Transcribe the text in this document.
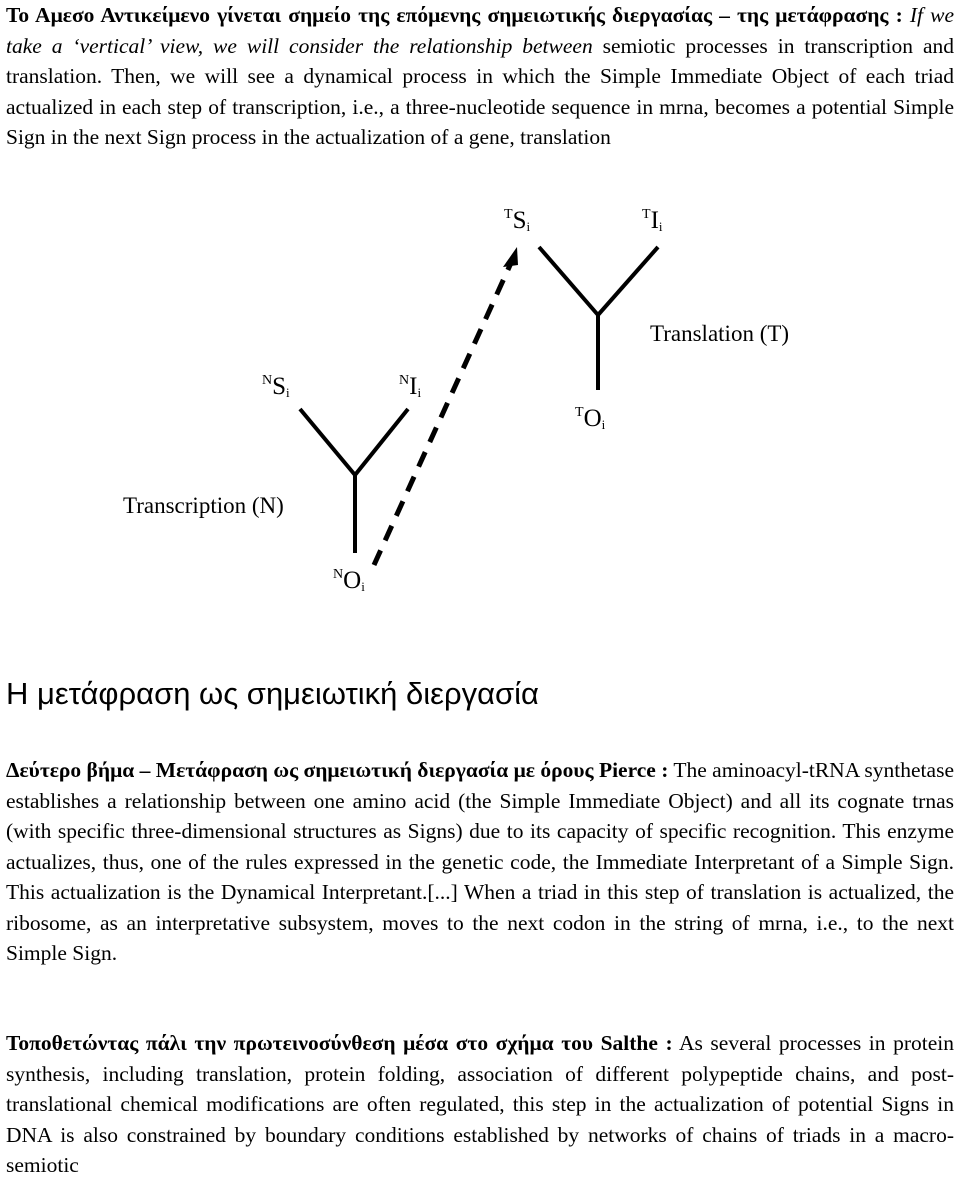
Το Αμεσο Αντικείμενο γίνεται σημείο της επόμενης σημειωτικής διεργασίας – της μετάφρασης : If we take a ‘vertical’ view, we will consider the relationship between semiotic processes in transcription and translation. Then, we will see a dynamical process in which the Simple Immediate Object of each triad actualized in each step of transcription, i.e., a three-nucleotide sequence in mrna, becomes a potential Simple Sign in the next Sign process in the actualization of a gene, translation

TSi
TIi
Translation (T)
TOi
NSi
NIi
Transcription (N)
NOi
Η μετάφραση ως σημειωτική διεργασία

Δεύτερο βήμα – Μετάφραση ως σημειωτική διεργασία με όρους Pierce : The aminoacyl-tRNA synthetase establishes a relationship between one amino acid (the Simple Immediate Object) and all its cognate trnas (with specific three-dimensional structures as Signs) due to its capacity of specific recognition. This enzyme actualizes, thus, one of the rules expressed in the genetic code, the Immediate Interpretant of a Simple Sign. This actualization is the Dynamical Interpretant.[...] When a triad in this step of translation is actualized, the ribosome, as an interpretative subsystem, moves to the next codon in the string of mrna, i.e., to the next Simple Sign.

Τοποθετώντας πάλι την πρωτεινοσύνθεση μέσα στο σχήμα του Salthe : As several processes in protein synthesis, including translation, protein folding, association of different polypeptide chains, and post-translational chemical modifications are often regulated, this step in the actualization of potential Signs in DNA is also constrained by boundary conditions established by networks of chains of triads in a macro-semiotic
